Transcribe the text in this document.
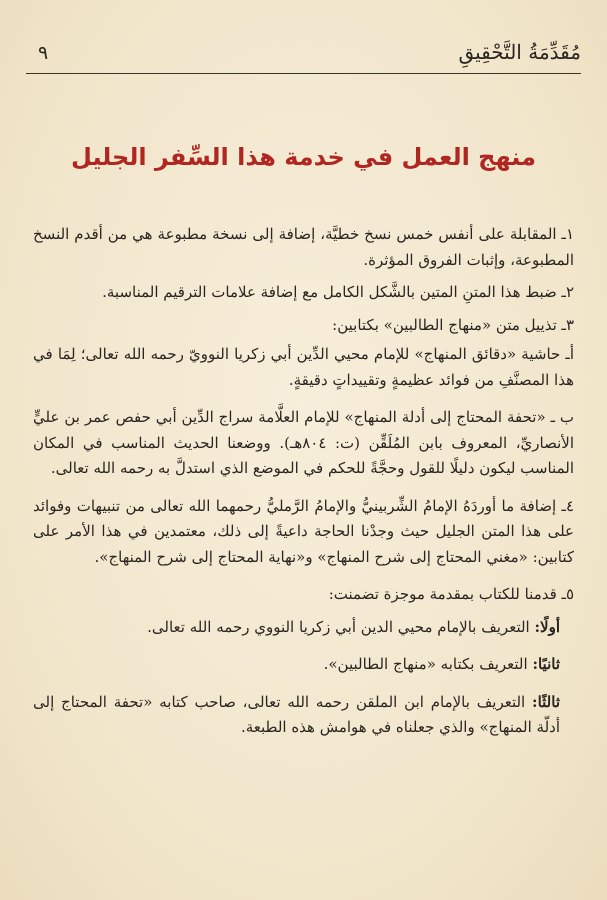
مُقَدِّمَةُ التَّحْقِيقِ
٩
منهج العمل في خدمة هذا السِّفر الجليل

١ـ المقابلة على أنفس خمس نسخ خطيَّة، إضافة إلى نسخة مطبوعة هي من أقدم النسخ المطبوعة، وإثبات الفروق المؤثرة.

٢ـ ضبط هذا المتنِ المتين بالشَّكل الكامل مع إضافة علامات الترقيم المناسبة.

٣ـ تذييل متن «منهاج الطالبين» بكتابين:

أـ حاشية «دقائق المنهاج» للإمام محيي الدِّين أبي زكريا النوويّ رحمه الله تعالى؛ لِمَا في هذا المصنَّفِ من فوائد عظيمةٍ وتقييداتٍ دقيقةٍ.

ب ـ «تحفة المحتاج إلى أدلة المنهاج» للإمام العلَّامة سراج الدِّين أبي حفص عمر بن عليٍّ الأنصاريِّ، المعروف بابن المُلَقِّن (ت: ٨٠٤هـ). ووضعنا الحديث المناسب في المكان المناسب ليكون دليلًا للقول وحجَّةً للحكم في الموضع الذي استدلَّ به رحمه الله تعالى.

٤ـ إضافة ما أوردَهُ الإمامُ الشِّربينيُّ والإمامُ الرَّمليُّ رحمهما الله تعالى من تنبيهات وفوائد على هذا المتن الجليل حيث وجدْنا الحاجة داعيةً إلى ذلك، معتمدين في هذا الأمر على كتابين: «مغني المحتاج إلى شرح المنهاج» و«نهاية المحتاج إلى شرح المنهاج».

٥ـ قدمنا للكتاب بمقدمة موجزة تضمنت:

أولًا: التعريف بالإمام محيي الدين أبي زكريا النووي رحمه الله تعالى.

ثانيًا: التعريف بكتابه «منهاج الطالبين».

ثالثًا: التعريف بالإمام ابن الملقن رحمه الله تعالى، صاحب كتابه «تحفة المحتاج إلى أدلّة المنهاج» والذي جعلناه في هوامش هذه الطبعة.
